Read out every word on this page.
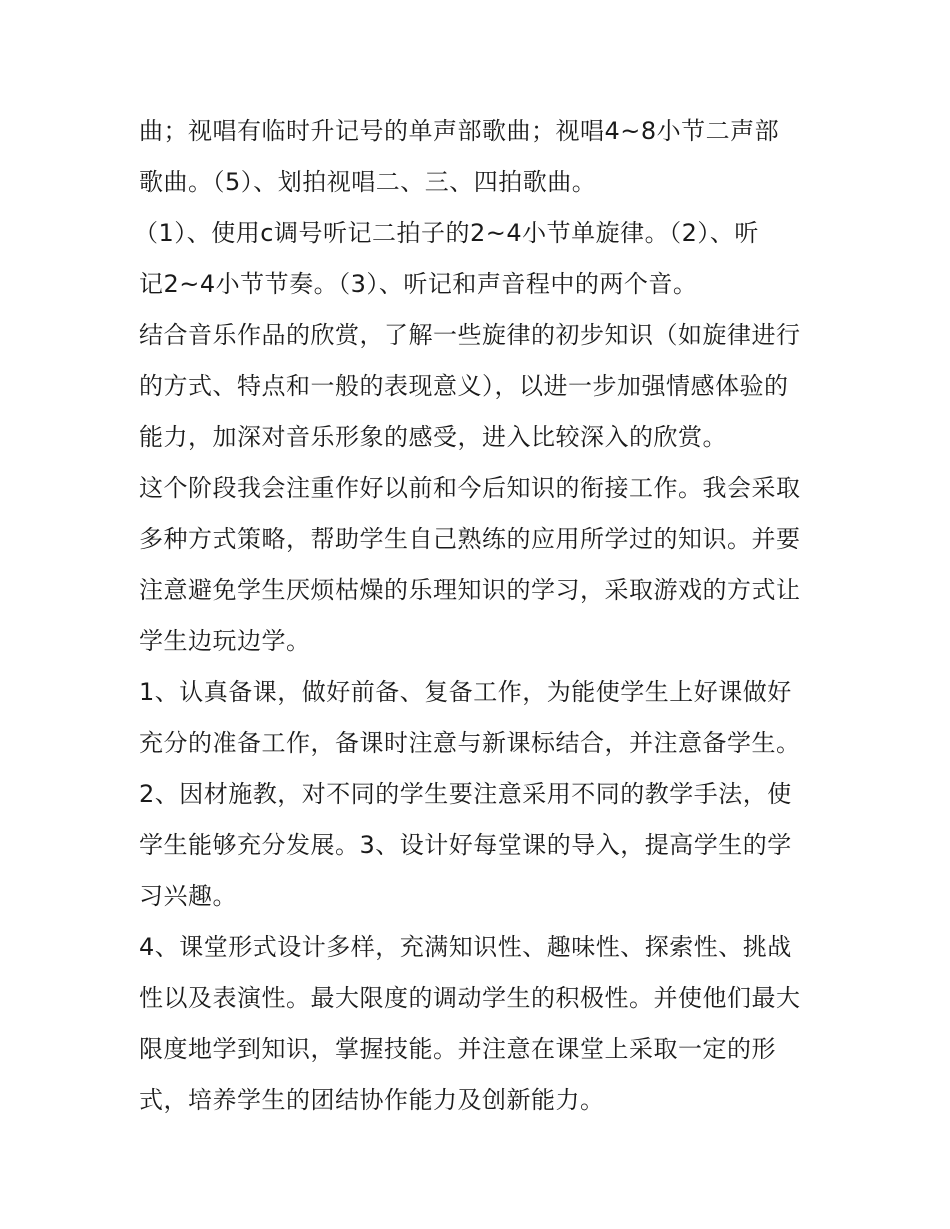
曲；视唱有临时升记号的单声部歌曲；视唱4~8小节二声部
歌曲。（5）、划拍视唱二、三、四拍歌曲。
（1）、使用c调号听记二拍子的2~4小节单旋律。（2）、听
记2~4小节节奏。（3）、听记和声音程中的两个音。
结合音乐作品的欣赏，了解一些旋律的初步知识（如旋律进行
的方式、特点和一般的表现意义），以进一步加强情感体验的
能力，加深对音乐形象的感受，进入比较深入的欣赏。
这个阶段我会注重作好以前和今后知识的衔接工作。我会采取
多种方式策略，帮助学生自己熟练的应用所学过的知识。并要
注意避免学生厌烦枯燥的乐理知识的学习，采取游戏的方式让
学生边玩边学。
1、认真备课，做好前备、复备工作，为能使学生上好课做好
充分的准备工作，备课时注意与新课标结合，并注意备学生。
2、因材施教，对不同的学生要注意采用不同的教学手法，使
学生能够充分发展。3、设计好每堂课的导入，提高学生的学
习兴趣。
4、课堂形式设计多样，充满知识性、趣味性、探索性、挑战
性以及表演性。最大限度的调动学生的积极性。并使他们最大
限度地学到知识，掌握技能。并注意在课堂上采取一定的形
式，培养学生的团结协作能力及创新能力。
